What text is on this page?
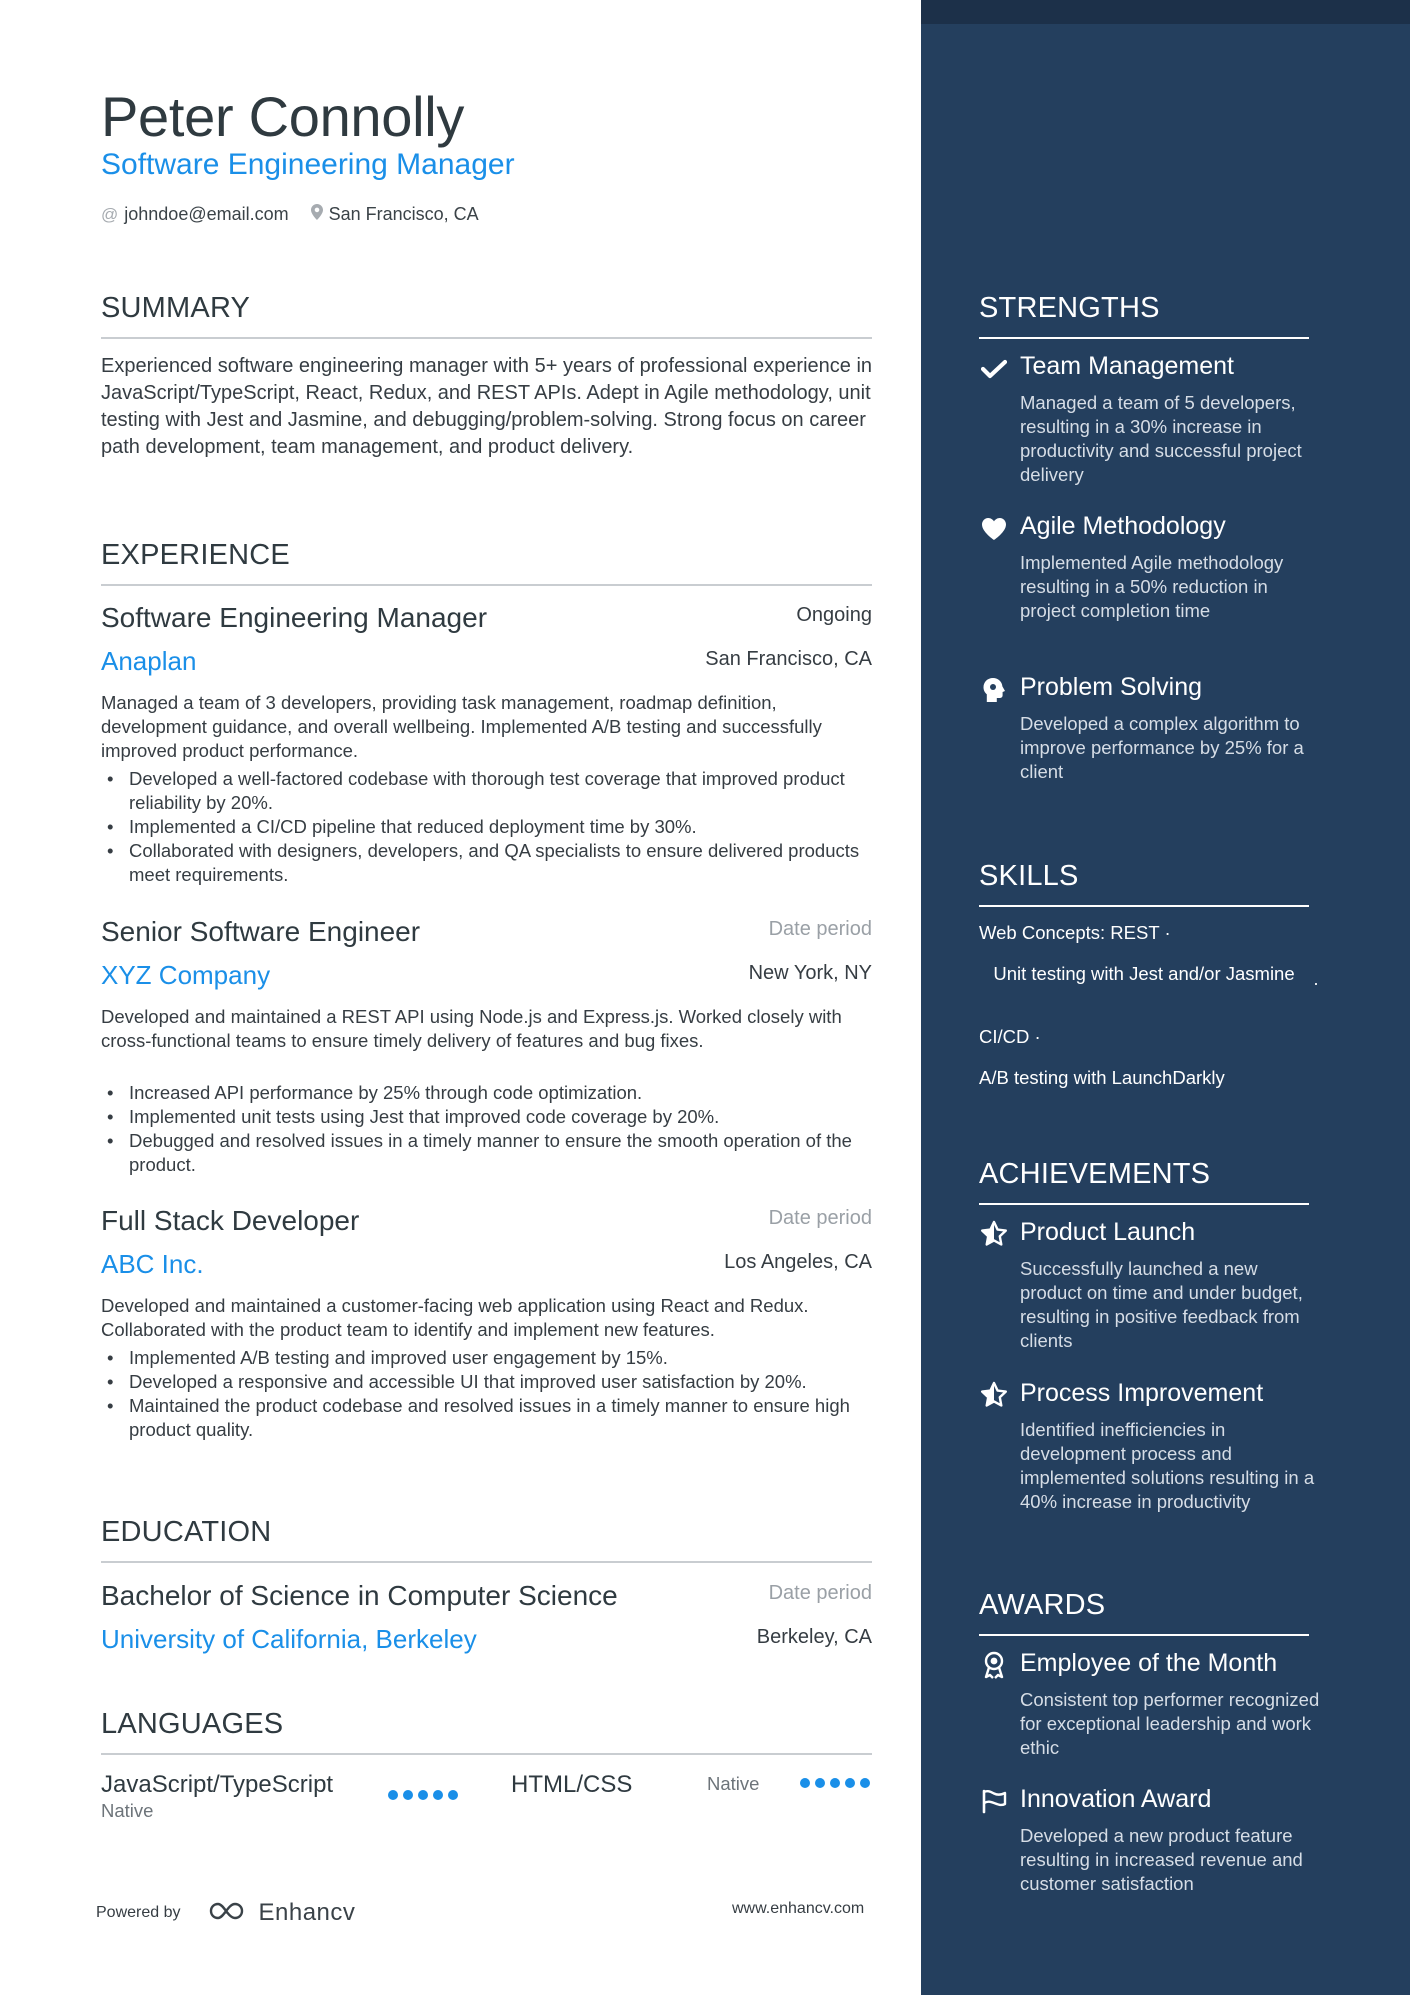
Peter Connolly
Software Engineering Manager
@ johndoe@email.com San Francisco, CA
SUMMARY
Experienced software engineering manager with 5+ years of professional experience in JavaScript/TypeScript, React, Redux, and REST APIs. Adept in Agile methodology, unit testing with Jest and Jasmine, and debugging/problem-solving. Strong focus on career path development, team management, and product delivery.
EXPERIENCE
Software Engineering Manager	Ongoing
Anaplan	San Francisco, CA
Managed a team of 3 developers, providing task management, roadmap definition, development guidance, and overall wellbeing. Implemented A/B testing and successfully improved product performance.
• Developed a well-factored codebase with thorough test coverage that improved product reliability by 20%.
• Implemented a CI/CD pipeline that reduced deployment time by 30%.
• Collaborated with designers, developers, and QA specialists to ensure delivered products meet requirements.
Senior Software Engineer	Date period
XYZ Company	New York, NY
Developed and maintained a REST API using Node.js and Express.js. Worked closely with cross-functional teams to ensure timely delivery of features and bug fixes.
• Increased API performance by 25% through code optimization.
• Implemented unit tests using Jest that improved code coverage by 20%.
• Debugged and resolved issues in a timely manner to ensure the smooth operation of the product.
Full Stack Developer	Date period
ABC Inc.	Los Angeles, CA
Developed and maintained a customer-facing web application using React and Redux. Collaborated with the product team to identify and implement new features.
• Implemented A/B testing and improved user engagement by 15%.
• Developed a responsive and accessible UI that improved user satisfaction by 20%.
• Maintained the product codebase and resolved issues in a timely manner to ensure high product quality.
EDUCATION
Bachelor of Science in Computer Science	Date period
University of California, Berkeley	Berkeley, CA
LANGUAGES
JavaScript/TypeScript
Native
HTML/CSS	Native
Powered by	Enhancv	www.enhancv.com
STRENGTHS
Team Management
Managed a team of 5 developers, resulting in a 30% increase in productivity and successful project delivery
Agile Methodology
Implemented Agile methodology resulting in a 50% reduction in project completion time
Problem Solving
Developed a complex algorithm to improve performance by 25% for a client
SKILLS
Web Concepts: REST ·
Unit testing with Jest and/or Jasmine ·
CI/CD ·
A/B testing with LaunchDarkly
ACHIEVEMENTS
Product Launch
Successfully launched a new product on time and under budget, resulting in positive feedback from clients
Process Improvement
Identified inefficiencies in development process and implemented solutions resulting in a 40% increase in productivity
AWARDS
Employee of the Month
Consistent top performer recognized for exceptional leadership and work ethic
Innovation Award
Developed a new product feature resulting in increased revenue and customer satisfaction
